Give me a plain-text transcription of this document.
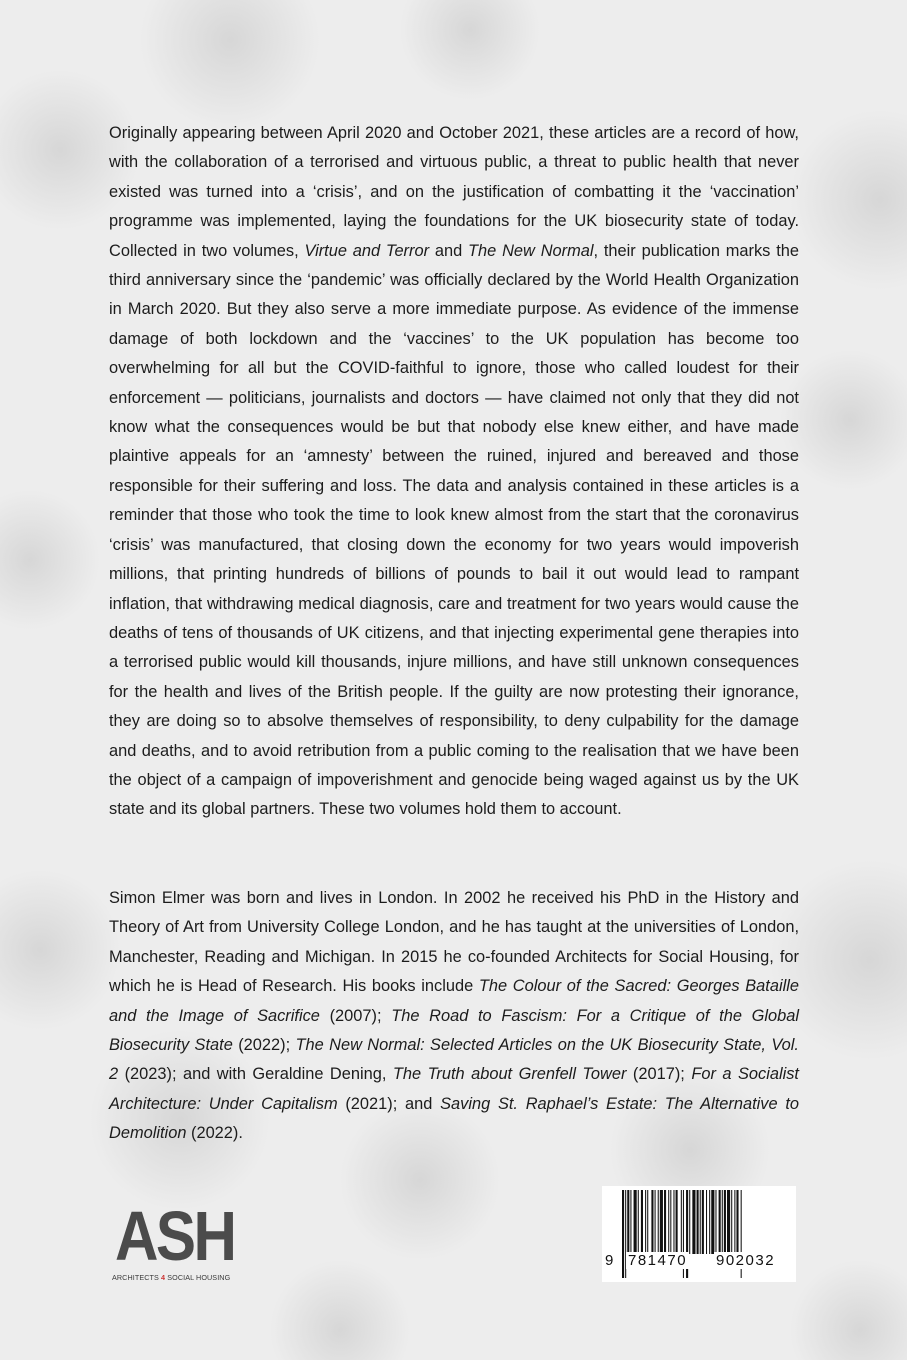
Originally appearing between April 2020 and October 2021, these articles are a record of how, with the collaboration of a terrorised and virtuous public, a threat to public health that never existed was turned into a ‘crisis’, and on the justification of combatting it the ‘vaccination’ programme was implemented, laying the foundations for the UK biosecurity state of today. Collected in two volumes, Virtue and Terror and The New Normal, their publication marks the third anniversary since the ‘pandemic’ was officially declared by the World Health Organization in March 2020. But they also serve a more immediate purpose. As evidence of the immense damage of both lockdown and the ‘vaccines’ to the UK population has become too overwhelming for all but the COVID-faithful to ignore, those who called loudest for their enforcement — politicians, journalists and doctors — have claimed not only that they did not know what the consequences would be but that nobody else knew either, and have made plaintive appeals for an ‘amnesty’ between the ruined, injured and bereaved and those responsible for their suffering and loss. The data and analysis contained in these articles is a reminder that those who took the time to look knew almost from the start that the coronavirus ‘crisis’ was manufactured, that closing down the economy for two years would impoverish millions, that printing hundreds of billions of pounds to bail it out would lead to rampant inflation, that withdrawing medical diagnosis, care and treatment for two years would cause the deaths of tens of thousands of UK citizens, and that injecting experimental gene therapies into a terrorised public would kill thousands, injure millions, and have still unknown consequences for the health and lives of the British people. If the guilty are now protesting their ignorance, they are doing so to absolve themselves of responsibility, to deny culpability for the damage and deaths, and to avoid retribution from a public coming to the realisation that we have been the object of a campaign of impoverishment and genocide being waged against us by the UK state and its global partners. These two volumes hold them to account.

Simon Elmer was born and lives in London. In 2002 he received his PhD in the History and Theory of Art from University College London, and he has taught at the universities of London, Manchester, Reading and Michigan. In 2015 he co-founded Architects for Social Housing, for which he is Head of Research. His books include The Colour of the Sacred: Georges Bataille and the Image of Sacrifice (2007); The Road to Fascism: For a Critique of the Global Biosecurity State (2022); The New Normal: Selected Articles on the UK Biosecurity State, Vol. 2 (2023); and with Geraldine Dening, The Truth about Grenfell Tower (2017); For a Socialist Architecture: Under Capitalism (2021); and Saving St. Raphael’s Estate: The Alternative to Demolition (2022).

ASH
ARCHITECTS 4 SOCIAL HOUSING
9 781470 902032
